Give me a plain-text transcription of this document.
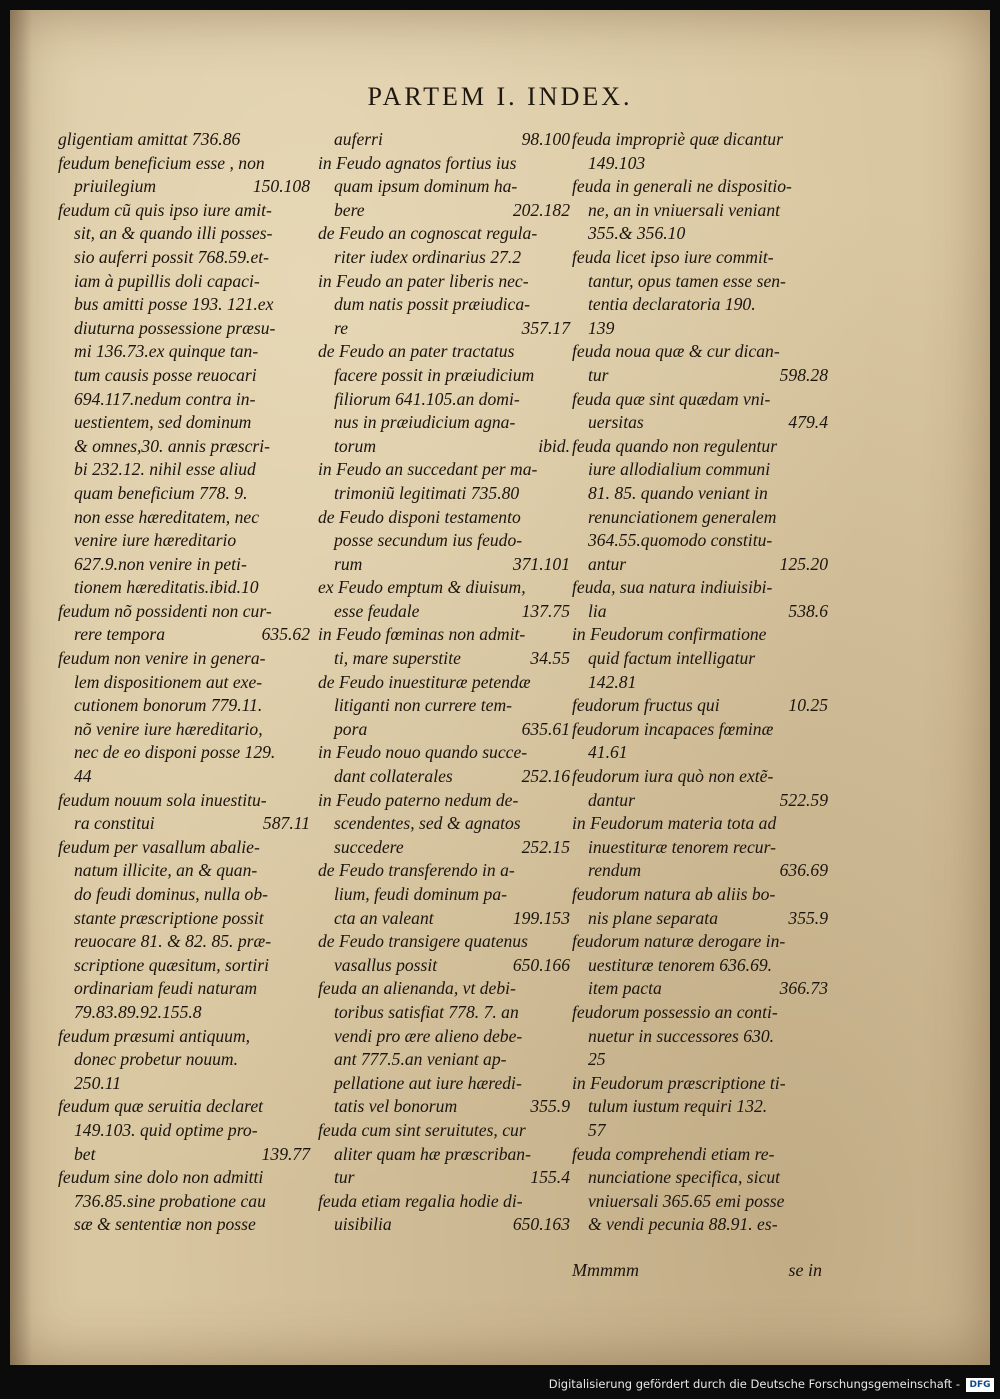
PARTEM I. INDEX.
gligentiam amittat 736.86
feudum beneficium esse , non
priuilegium	150.108
feudum cũ quis ipso iure amit-
sit, an & quando illi posses-
sio auferri possit 768.59.et-
iam à pupillis doli capaci-
bus amitti posse 193. 121.ex
diuturna possessione præsu-
mi 136.73.ex quinque tan-
tum causis posse reuocari
694.117.nedum contra in-
uestientem, sed dominum
& omnes,30. annis præscri-
bi 232.12. nihil esse aliud
quam beneficium 778. 9.
non esse hæreditatem, nec
venire iure hæreditario
627.9.non venire in peti-
tionem hæreditatis.ibid.10
feudum nõ possidenti non cur-
rere tempora	635.62
feudum non venire in genera-
lem dispositionem aut exe-
cutionem bonorum 779.11.
nõ venire iure hæreditario,
nec de eo disponi posse 129.
44
feudum nouum sola inuestitu-
ra constitui	587.11
feudum per vasallum abalie-
natum illicite, an & quan-
do feudi dominus, nulla ob-
stante præscriptione possit
reuocare 81. & 82. 85. præ-
scriptione quæsitum, sortiri
ordinariam feudi naturam
79.83.89.92.155.8
feudum præsumi antiquum,
donec probetur nouum.
250.11
feudum quæ seruitia declaret
149.103. quid optime pro-
bet	139.77
feudum sine dolo non admitti
736.85.sine probatione cau
sæ & sententiæ non posse
auferri	98.100
in Feudo agnatos fortius ius
quam ipsum dominum ha-
bere	202.182
de Feudo an cognoscat regula-
riter iudex ordinarius 27.2
in Feudo an pater liberis nec-
dum natis possit præiudica-
re	357.17
de Feudo an pater tractatus
facere possit in præiudicium
filiorum 641.105.an domi-
nus in præiudicium agna-
torum	ibid.
in Feudo an succedant per ma-
trimoniũ legitimati 735.80
de Feudo disponi testamento
posse secundum ius feudo-
rum	371.101
ex Feudo emptum & diuisum,
esse feudale	137.75
in Feudo fœminas non admit-
ti, mare superstite	34.55
de Feudo inuestituræ petendæ
litiganti non currere tem-
pora	635.61
in Feudo nouo quando succe-
dant collaterales	252.16
in Feudo paterno nedum de-
scendentes, sed & agnatos
succedere	252.15
de Feudo transferendo in a-
lium, feudi dominum pa-
cta an valeant	199.153
de Feudo transigere quatenus
vasallus possit	650.166
feuda an alienanda, vt debi-
toribus satisfiat 778. 7. an
vendi pro ære alieno debe-
ant 777.5.an veniant ap-
pellatione aut iure hæredi-
tatis vel bonorum	355.9
feuda cum sint seruitutes, cur
aliter quam hæ præscriban-
tur	155.4
feuda etiam regalia hodie di-
uisibilia	650.163
feuda impropriè quæ dicantur
149.103
feuda in generali ne dispositio-
ne, an in vniuersali veniant
355.& 356.10
feuda licet ipso iure commit-
tantur, opus tamen esse sen-
tentia declaratoria 190.
139
feuda noua quæ & cur dican-
tur	598.28
feuda quæ sint quædam vni-
uersitas	479.4
feuda quando non regulentur
iure allodialium communi
81. 85. quando veniant in
renunciationem generalem
364.55.quomodo constitu-
antur	125.20
feuda, sua natura indiuisibi-
lia	538.6
in Feudorum confirmatione
quid factum intelligatur
142.81
feudorum fructus qui	10.25
feudorum incapaces fœminæ
41.61
feudorum iura quò non extẽ-
dantur	522.59
in Feudorum materia tota ad
inuestituræ tenorem recur-
rendum	636.69
feudorum natura ab aliis bo-
nis plane separata	355.9
feudorum naturæ derogare in-
uestituræ tenorem 636.69.
item pacta	366.73
feudorum possessio an conti-
nuetur in successores 630.
25
in Feudorum præscriptione ti-
tulum iustum requiri 132.
57
feuda comprehendi etiam re-
nunciatione specifica, sicut
vniuersali 365.65 emi posse
& vendi pecunia 88.91. es-
Mmmmm	se in
Digitalisierung gefördert durch die Deutsche Forschungsgemeinschaft -	DFG
